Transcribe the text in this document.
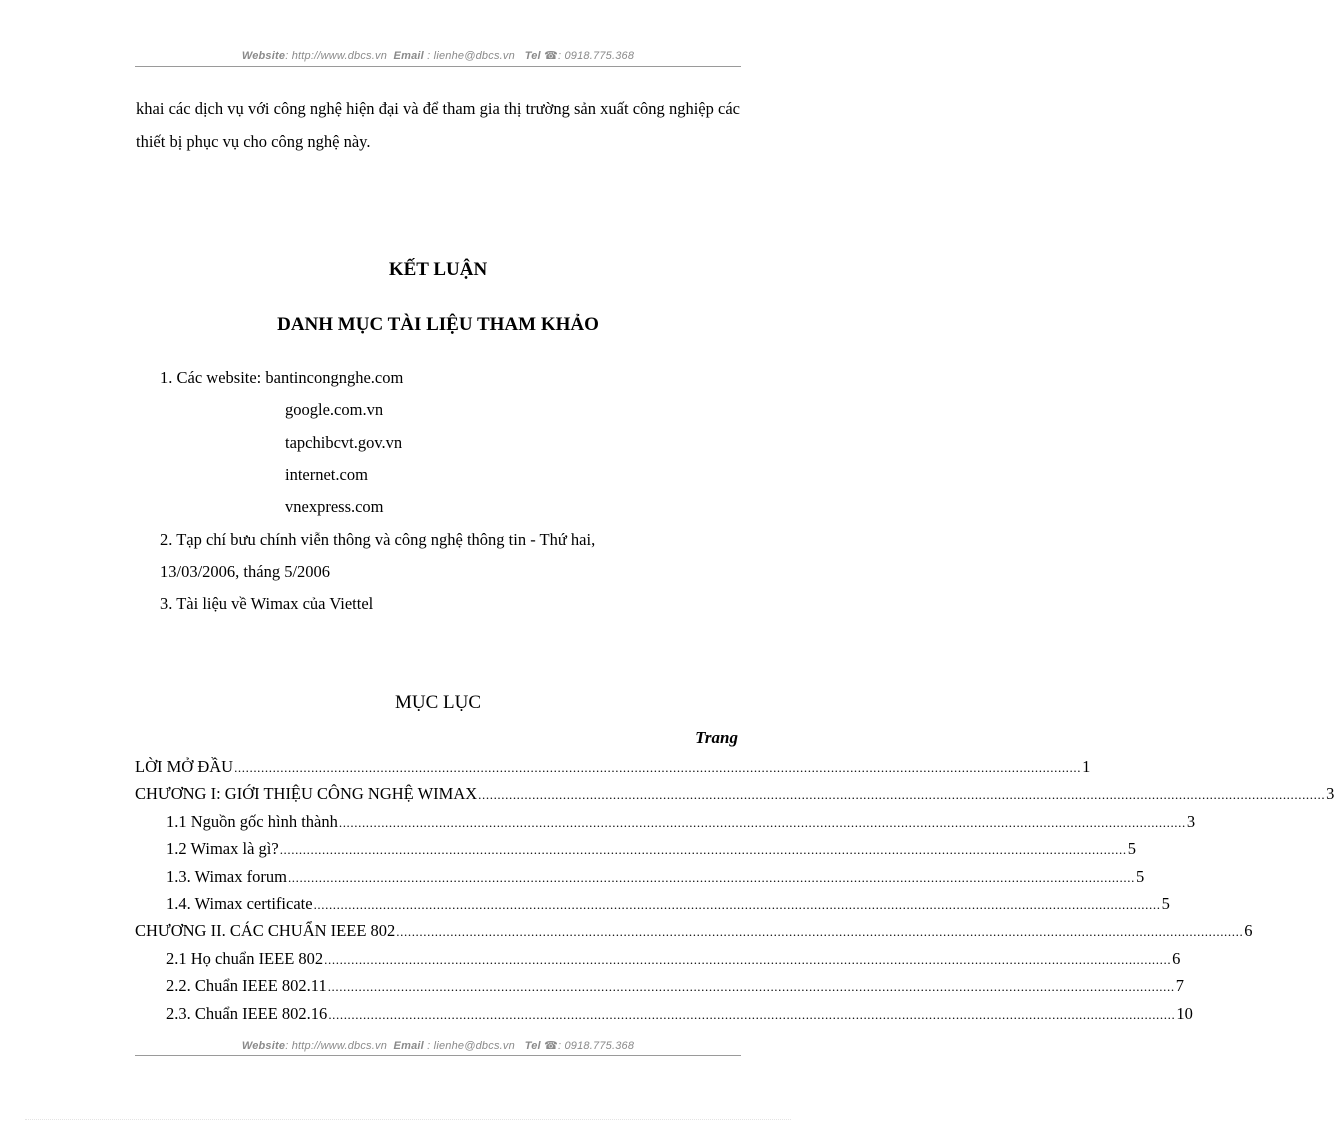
Website: http://www.dbcs.vn Email : lienhe@dbcs.vn Tel ☎: 0918.775.368

khai các dịch vụ với công nghệ hiện đại và để tham gia thị trường sản xuất công nghiệp các thiết bị phục vụ cho công nghệ này.

KẾT LUẬN

DANH MỤC TÀI LIỆU THAM KHẢO

1. Các website: bantincongnghe.com

google.com.vn

tapchibcvt.gov.vn

internet.com

vnexpress.com

2. Tạp chí bưu chính viễn thông và công nghệ thông tin - Thứ hai,

13/03/2006, tháng 5/2006

3. Tài liệu về Wimax của Viettel

MỤC LỤC

Trang
LỜI MỞ ĐẦU ............................................................................................................................................................................................................................ 1
CHƯƠNG I: GIỚI THIỆU CÔNG NGHỆ WIMAX ............................................................................................................................................................................................................................ 3
1.1 Nguồn gốc hình thành ............................................................................................................................................................................................................................ 3
1.2 Wimax là gì? ............................................................................................................................................................................................................................ 5
1.3. Wimax forum ............................................................................................................................................................................................................................ 5
1.4. Wimax certificate ............................................................................................................................................................................................................................ 5
CHƯƠNG II. CÁC CHUẨN IEEE 802 ............................................................................................................................................................................................................................ 6
2.1 Họ chuẩn IEEE 802 ............................................................................................................................................................................................................................ 6
2.2. Chuẩn IEEE 802.11 ............................................................................................................................................................................................................................ 7
2.3. Chuẩn IEEE 802.16 ............................................................................................................................................................................................................................ 10
Website: http://www.dbcs.vn Email : lienhe@dbcs.vn Tel ☎: 0918.775.368
